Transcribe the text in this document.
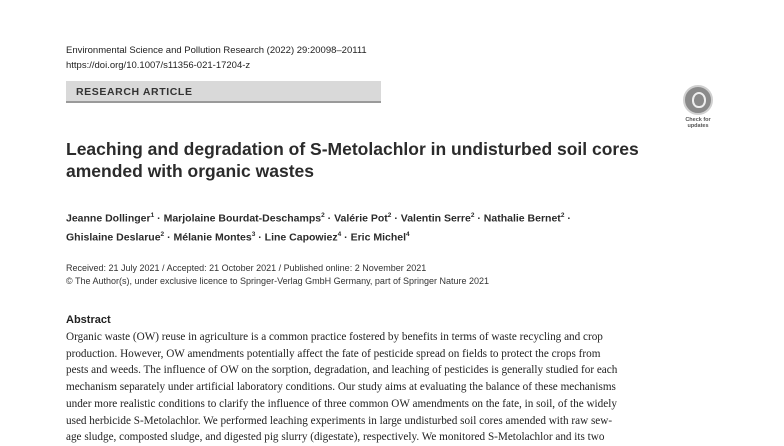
Environmental Science and Pollution Research (2022) 29:20098–20111
https://doi.org/10.1007/s11356-021-17204-z
RESEARCH ARTICLE
Check for updates
Leaching and degradation of S-Metolachlor in undisturbed soil cores amended with organic wastes
Jeanne Dollinger$^1$ · Marjolaine Bourdat-Deschamps$^2$ · Valérie Pot$^2$ · Valentin Serre$^2$ · Nathalie Bernet$^2$ ·
Ghislaine Deslarue$^2$ · Mélanie Montes$^3$ · Line Capowiez$^4$ · Eric Michel$^4$
Received: 21 July 2021 / Accepted: 21 October 2021 / Published online: 2 November 2021
© The Author(s), under exclusive licence to Springer-Verlag GmbH Germany, part of Springer Nature 2021
Abstract
Organic waste (OW) reuse in agriculture is a common practice fostered by benefits in terms of waste recycling and crop
production. However, OW amendments potentially affect the fate of pesticide spread on fields to protect the crops from
pests and weeds. The influence of OW on the sorption, degradation, and leaching of pesticides is generally studied for each
mechanism separately under artificial laboratory conditions. Our study aims at evaluating the balance of these mechanisms
under more realistic conditions to clarify the influence of three common OW amendments on the fate, in soil, of the widely
used herbicide S-Metolachlor. We performed leaching experiments in large undisturbed soil cores amended with raw sew-
age sludge, composted sludge, and digested pig slurry (digestate), respectively. We monitored S-Metolachlor and its two
